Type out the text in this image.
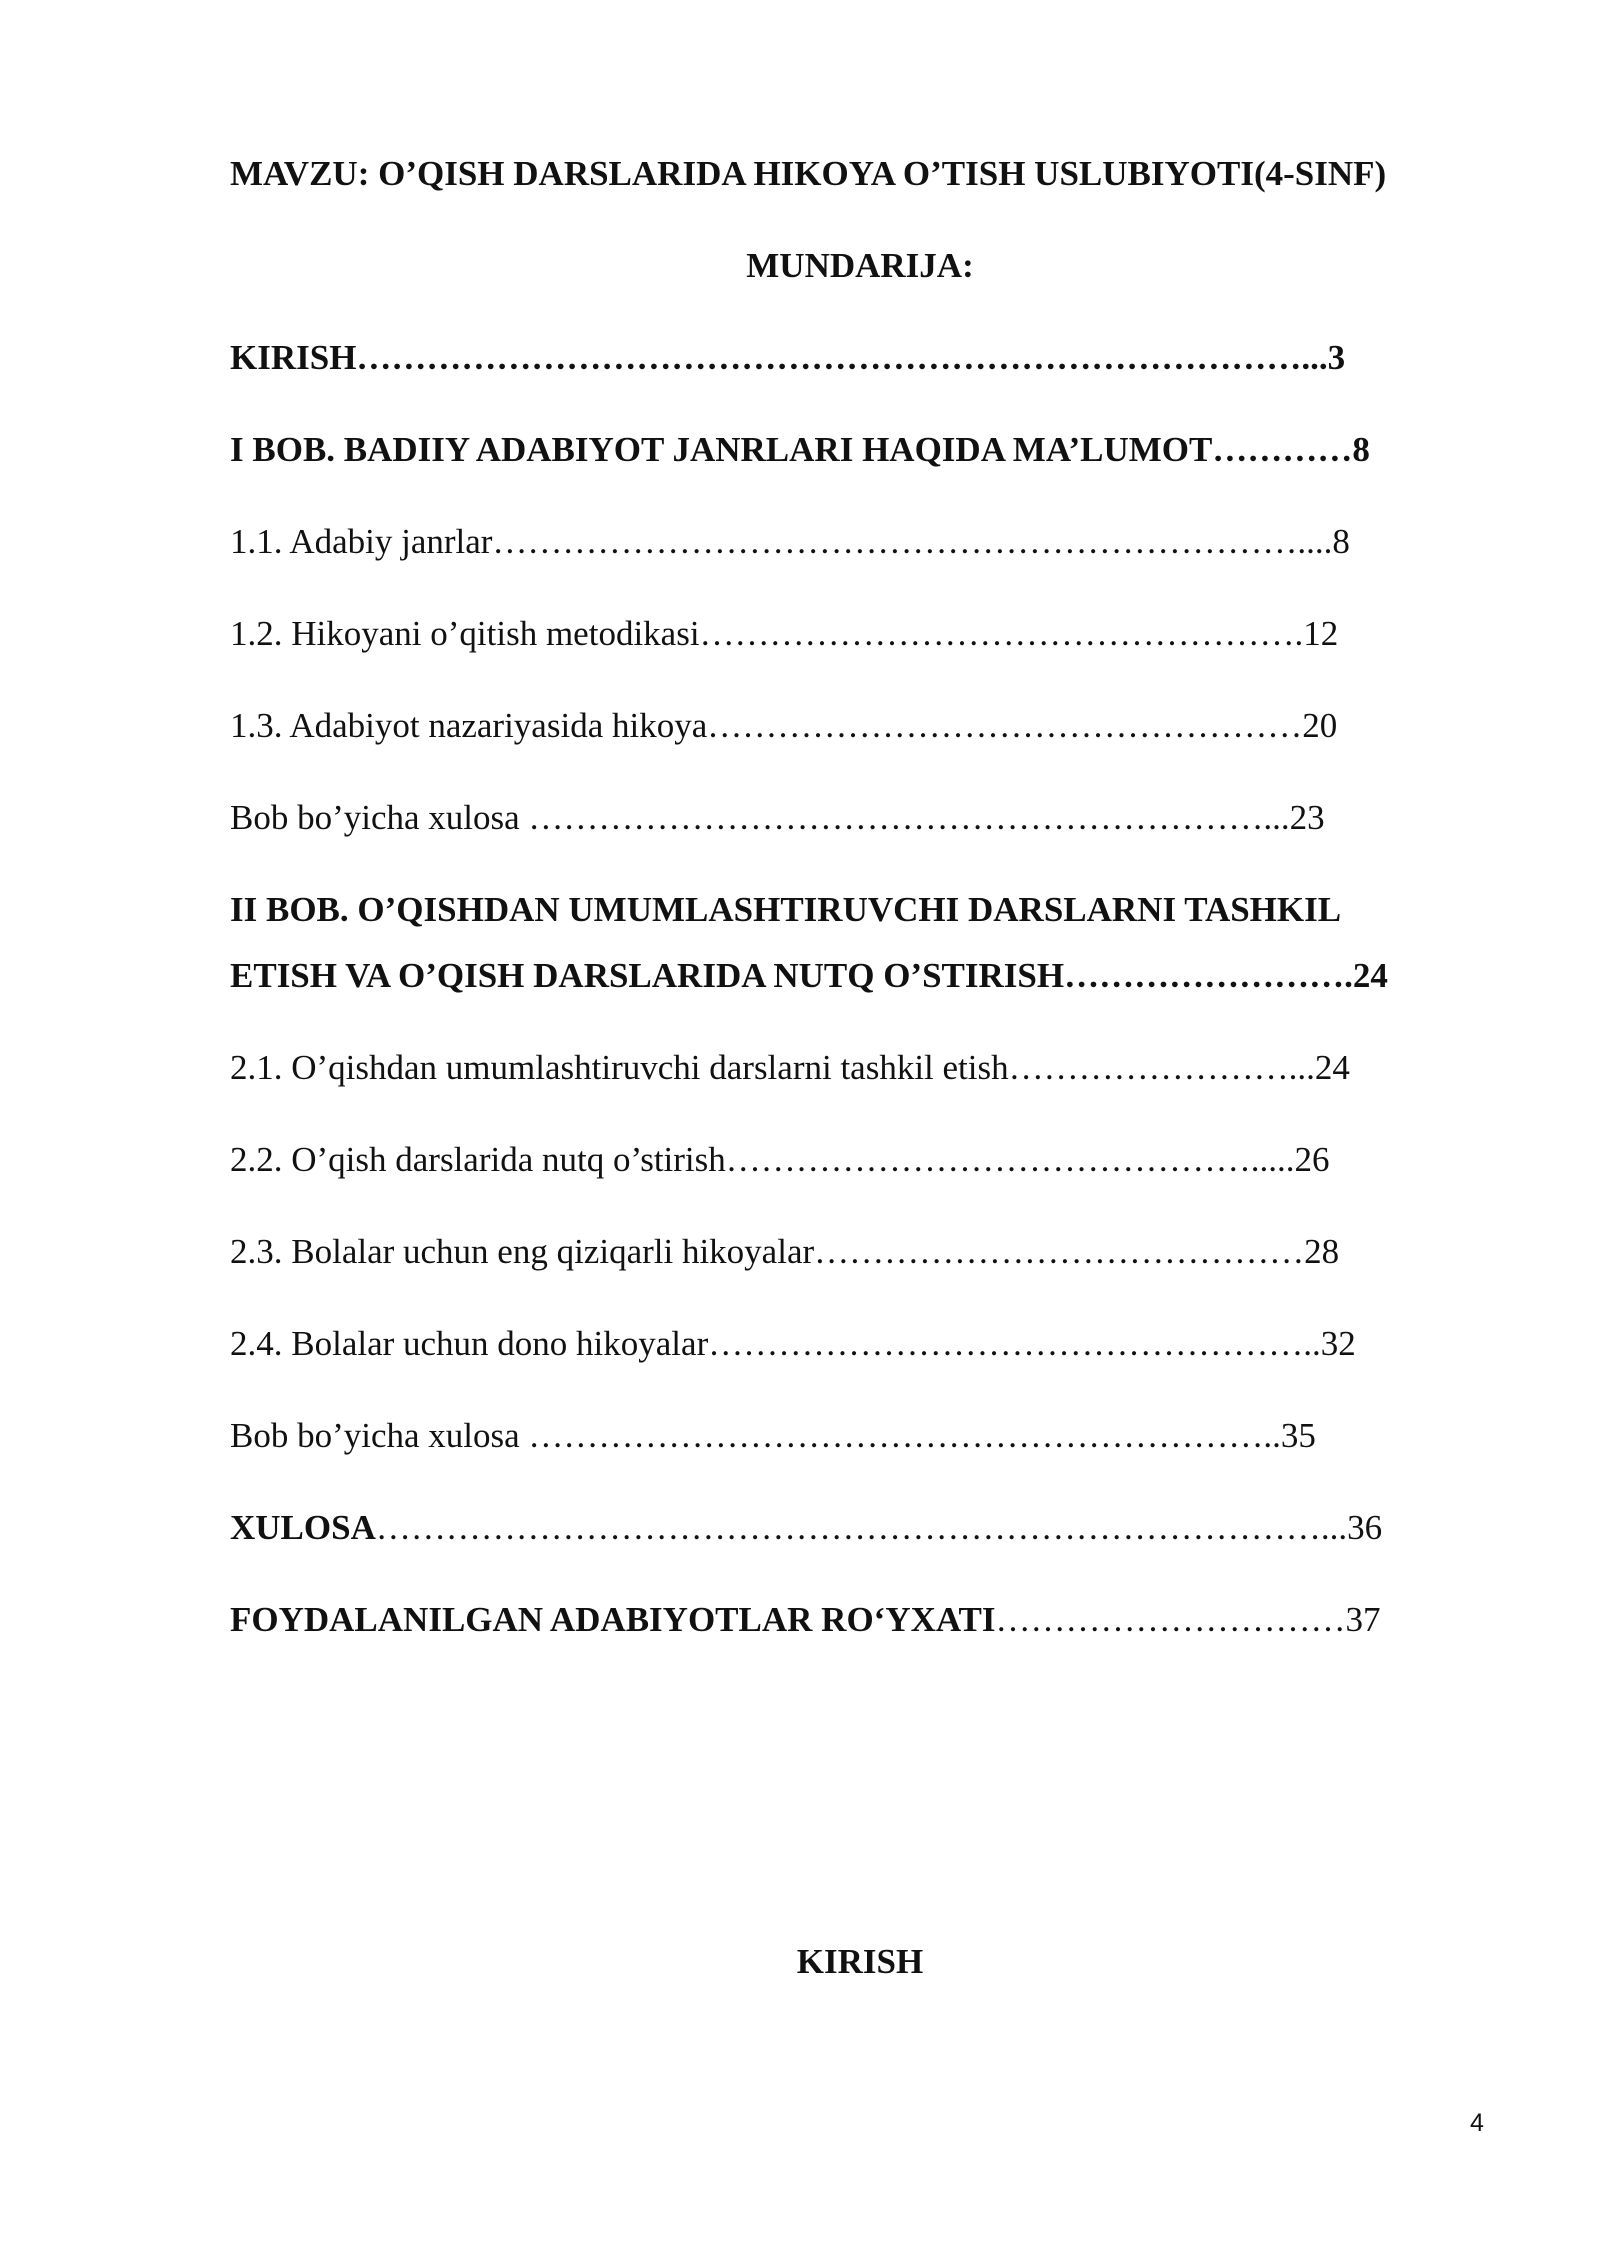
MAVZU: O’QISH DARSLARIDA HIKOYA O’TISH USLUBIYOTI(4-SINF)
MUNDARIJA:
KIRISH………………………………………………………………………...3
I BOB. BADIIY ADABIYOT JANRLARI HAQIDA MA’LUMOT…………8
1.1. Adabiy janrlar……………………………………………………………....8
1.2. Hikoyani o’qitish metodikasi…………………………………………….12
1.3. Adabiyot nazariyasida hikoya……………………………………………20
Bob bo’yicha xulosa ………………………………………………………...23
II BOB. O’QISHDAN UMUMLASHTIRUVCHI DARSLARNI TASHKIL
ETISH VA O’QISH DARSLARIDA NUTQ O’STIRISH…………………….24
2.1. O’qishdan umumlashtiruvchi darslarni tashkil etish……………………...24
2.2. O’qish darslarida nutq o’stirish……………………………………….....26
2.3. Bolalar uchun eng qiziqarli hikoyalar……………………………………28
2.4. Bolalar uchun dono hikoyalar……………………………………………..32
Bob bo’yicha xulosa ………………………………………………………..35
XULOSA………………………………………………………………………...36
FOYDALANILGAN ADABIYOTLAR RO‘YXATI…………………………37
KIRISH
4
